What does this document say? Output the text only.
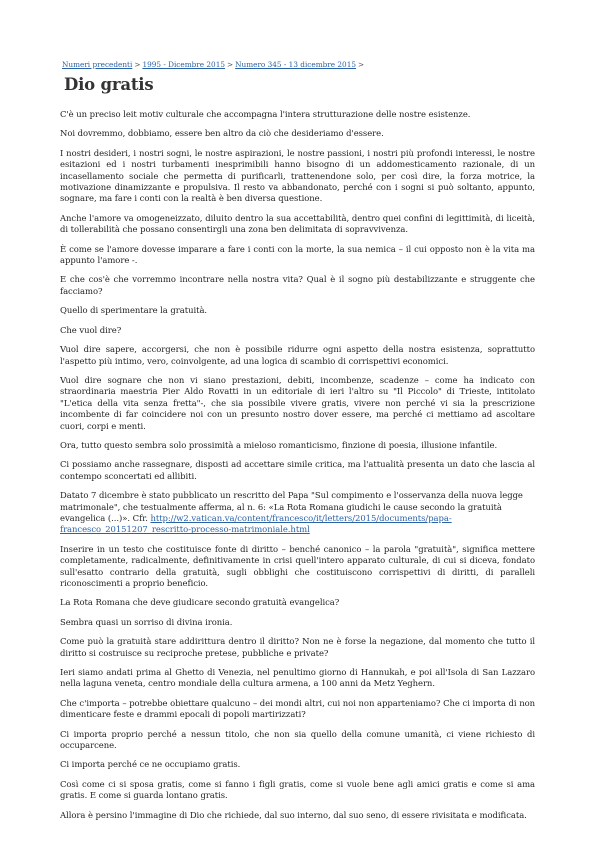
Numeri precedenti > 1995 - Dicembre 2015 > Numero 345 - 13 dicembre 2015 >
Dio gratis

C'è un preciso leit motiv culturale che accompagna l'intera strutturazione delle nostre esistenze.

Noi dovremmo, dobbiamo, essere ben altro da ciò che desideriamo d'essere.

I nostri desideri, i nostri sogni, le nostre aspirazioni, le nostre passioni, i nostri più profondi interessi, le nostre esitazioni ed i nostri turbamenti inesprimibili hanno bisogno di un addomesticamento razionale, di un incasellamento sociale che permetta di purificarli, trattenendone solo, per così dire, la forza motrice, la motivazione dinamizzante e propulsiva. Il resto va abbandonato, perché con i sogni si può soltanto, appunto, sognare, ma fare i conti con la realtà è ben diversa questione.

Anche l'amore va omogeneizzato, diluito dentro la sua accettabilità, dentro quei confini di legittimità, di liceità, di tollerabilità che possano consentirgli una zona ben delimitata di sopravvivenza.

È come se l'amore dovesse imparare a fare i conti con la morte, la sua nemica – il cui opposto non è la vita ma appunto l'amore -.

E che cos'è che vorremmo incontrare nella nostra vita? Qual è il sogno più destabilizzante e struggente che facciamo?

Quello di sperimentare la gratuità.

Che vuol dire?

Vuol dire sapere, accorgersi, che non è possibile ridurre ogni aspetto della nostra esistenza, soprattutto l'aspetto più intimo, vero, coinvolgente, ad una logica di scambio di corrispettivi economici.

Vuol dire sognare che non vi siano prestazioni, debiti, incombenze, scadenze – come ha indicato con straordinaria maestria Pier Aldo Rovatti in un editoriale di ieri l'altro su "Il Piccolo" di Trieste, intitolato "L'etica della vita senza fretta"-, che sia possibile vivere gratis, vivere non perché vi sia la prescrizione incombente di far coincidere noi con un presunto nostro dover essere, ma perché ci mettiamo ad ascoltare cuori, corpi e menti.

Ora, tutto questo sembra solo prossimità a mieloso romanticismo, finzione di poesia, illusione infantile.

Ci possiamo anche rassegnare, disposti ad accettare simile critica, ma l'attualità presenta un dato che lascia al contempo sconcertati ed allibiti.

Datato 7 dicembre è stato pubblicato un rescritto del Papa "Sul compimento e l'osservanza della nuova legge matrimonale", che testualmente afferma, al n. 6: «La Rota Romana giudichi le cause secondo la gratuità evangelica (...)». Cfr. http://w2.vatican.va/content/francesco/it/letters/2015/documents/papa-francesco_20151207_rescritto-processo-matrimoniale.html

Inserire in un testo che costituisce fonte di diritto – benché canonico – la parola "gratuità", significa mettere completamente, radicalmente, definitivamente in crisi quell'intero apparato culturale, di cui si diceva, fondato sull'esatto contrario della gratuità, sugli obblighi che costituiscono corrispettivi di diritti, di paralleli riconoscimenti a proprio beneficio.

La Rota Romana che deve giudicare secondo gratuità evangelica?

Sembra quasi un sorriso di divina ironia.

Come può la gratuità stare addirittura dentro il diritto? Non ne è forse la negazione, dal momento che tutto il diritto si costruisce su reciproche pretese, pubbliche e private?

Ieri siamo andati prima al Ghetto di Venezia, nel penultimo giorno di Hannukah, e poi all'Isola di San Lazzaro nella laguna veneta, centro mondiale della cultura armena, a 100 anni da Metz Yeghern.

Che c'importa – potrebbe obiettare qualcuno – dei mondi altri, cui noi non apparteniamo? Che ci importa di non dimenticare feste e drammi epocali di popoli martirizzati?

Ci importa proprio perché a nessun titolo, che non sia quello della comune umanità, ci viene richiesto di occuparcene.

Ci importa perché ce ne occupiamo gratis.

Così come ci si sposa gratis, come si fanno i figli gratis, come si vuole bene agli amici gratis e come si ama gratis. E come si guarda lontano gratis.

Allora è persino l'immagine di Dio che richiede, dal suo interno, dal suo seno, di essere rivisitata e modificata.
